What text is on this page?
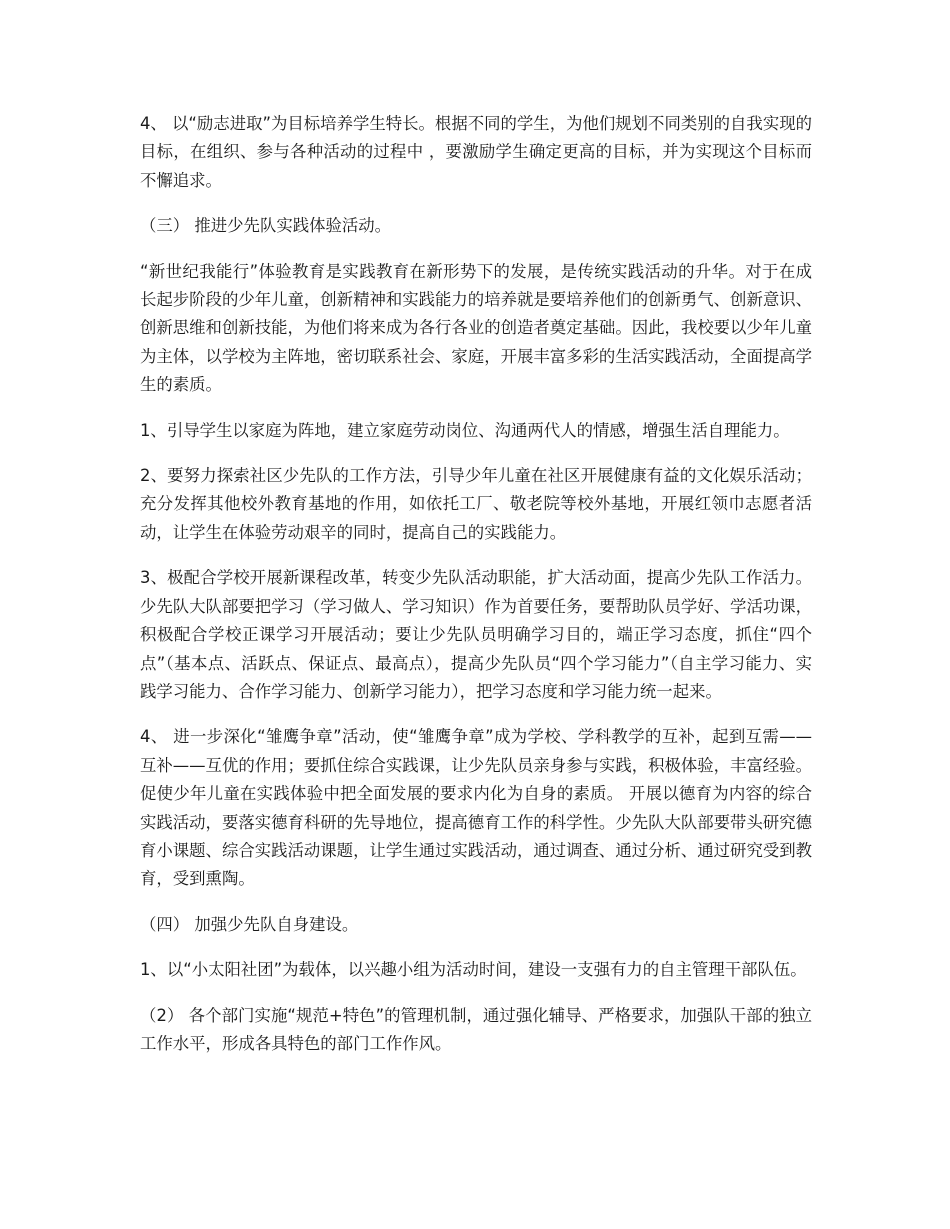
4、 以“励志进取”为目标培养学生特长。根据不同的学生，为他们规划不同类别的自我实现的目标，在组织、参与各种活动的过程中 ，要激励学生确定更高的目标，并为实现这个目标而不懈追求。

（三） 推进少先队实践体验活动。

“新世纪我能行”体验教育是实践教育在新形势下的发展，是传统实践活动的升华。对于在成长起步阶段的少年儿童，创新精神和实践能力的培养就是要培养他们的创新勇气、创新意识、创新思维和创新技能，为他们将来成为各行各业的创造者奠定基础。因此，我校要以少年儿童为主体，以学校为主阵地，密切联系社会、家庭，开展丰富多彩的生活实践活动，全面提高学生的素质。

1、引导学生以家庭为阵地，建立家庭劳动岗位、沟通两代人的情感，增强生活自理能力。

2、要努力探索社区少先队的工作方法，引导少年儿童在社区开展健康有益的文化娱乐活动；充分发挥其他校外教育基地的作用，如依托工厂、敬老院等校外基地，开展红领巾志愿者活动，让学生在体验劳动艰辛的同时，提高自己的实践能力。

3、极配合学校开展新课程改革，转变少先队活动职能，扩大活动面，提高少先队工作活力。少先队大队部要把学习（学习做人、学习知识）作为首要任务，要帮助队员学好、学活功课，积极配合学校正课学习开展活动；要让少先队员明确学习目的，端正学习态度，抓住“四个点”（基本点、活跃点、保证点、最高点），提高少先队员“四个学习能力”（自主学习能力、实践学习能力、合作学习能力、创新学习能力），把学习态度和学习能力统一起来。

4、 进一步深化“雏鹰争章”活动，使“雏鹰争章”成为学校、学科教学的互补，起到互需——互补——互优的作用；要抓住综合实践课，让少先队员亲身参与实践，积极体验，丰富经验。促使少年儿童在实践体验中把全面发展的要求内化为自身的素质。 开展以德育为内容的综合实践活动，要落实德育科研的先导地位，提高德育工作的科学性。少先队大队部要带头研究德育小课题、综合实践活动课题，让学生通过实践活动，通过调查、通过分析、通过研究受到教育，受到熏陶。

（四） 加强少先队自身建设。

1、以“小太阳社团”为载体，以兴趣小组为活动时间，建设一支强有力的自主管理干部队伍。

（2） 各个部门实施“规范+特色”的管理机制，通过强化辅导、严格要求，加强队干部的独立工作水平，形成各具特色的部门工作作风。
